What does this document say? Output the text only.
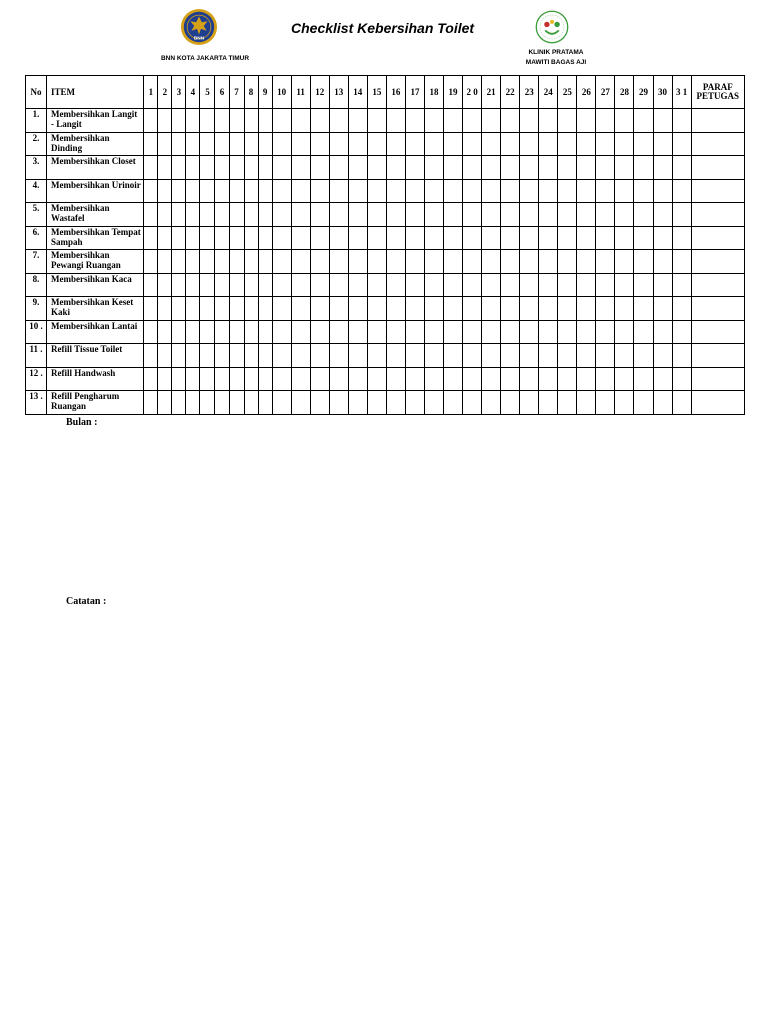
BNN
BNN KOTA JAKARTA TIMUR
Checklist Kebersihan Toilet
KLINIK PRATAMA
MAWITI BAGAS AJI
No	ITEM	1	2	3	4	5	6	7	8	9	10	11	12	13	14	15	16	17	18	19	2 0	21	22	23	24	25	26	27	28	29	30	3 1	PARAF PETUGAS
1.	Membersihkan Langit - Langit																																
2.	Membersihkan Dinding																																
3.	Membersihkan Closet																																
4.	Membersihkan Urinoir																																
5.	Membersihkan Wastafel																																
6.	Membersihkan Tempat Sampah																																
7.	Membersihkan Pewangi Ruangan																																
8.	Membersihkan Kaca																																
9.	Membersihkan Keset Kaki																																
10 .	Membersihkan Lantai																																
11 .	Refill Tissue Toilet																																
12 .	Refill Handwash																																
13 .	Refill Pengharum Ruangan																																
Bulan :
Catatan :
